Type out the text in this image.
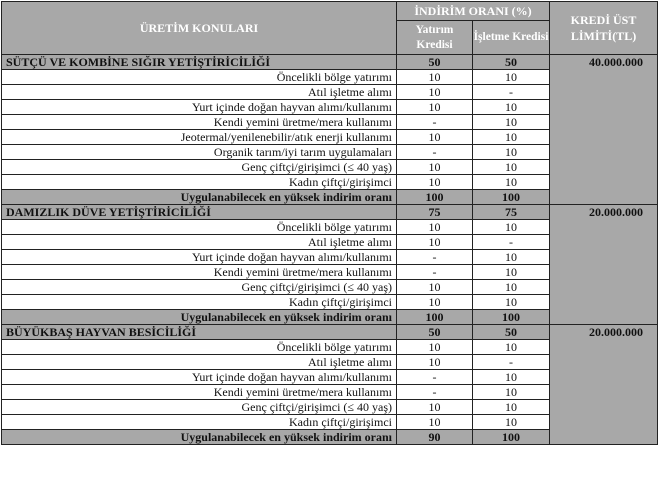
ÜRETİM KONULARI	İNDİRİM ORANI (%)		KREDİ ÜST LİMİTİ(TL)
	Yatırım Kredisi	İşletme Kredisi	
SÜTÇÜ VE KOMBİNE SIĞIR YETİŞTİRİCİLİĞİ	50	50	40.000.000
Öncelikli bölge yatırımı	10	10	
Atıl işletme alımı	10	-	
Yurt içinde doğan hayvan alımı/kullanımı	10	10	
Kendi yemini üretme/mera kullanımı	-	10	
Jeotermal/yenilenebilir/atık enerji kullanımı	10	10	
Organik tarım/iyi tarım uygulamaları	-	10	
Genç çiftçi/girişimci (≤ 40 yaş)	10	10	
Kadın çiftçi/girişimci	10	10	
Uygulanabilecek en yüksek indirim oranı	100	100	
DAMIZLIK DÜVE YETİŞTİRİCİLİĞİ	75	75	20.000.000
Öncelikli bölge yatırımı	10	10	
Atıl işletme alımı	10	-	
Yurt içinde doğan hayvan alımı/kullanımı	-	10	
Kendi yemini üretme/mera kullanımı	-	10	
Genç çiftçi/girişimci (≤ 40 yaş)	10	10	
Kadın çiftçi/girişimci	10	10	
Uygulanabilecek en yüksek indirim oranı	100	100	
BÜYÜKBAŞ HAYVAN BESİCİLİĞİ	50	50	20.000.000
Öncelikli bölge yatırımı	10	10	
Atıl işletme alımı	10	-	
Yurt içinde doğan hayvan alımı/kullanımı	-	10	
Kendi yemini üretme/mera kullanımı	-	10	
Genç çiftçi/girişimci (≤ 40 yaş)	10	10	
Kadın çiftçi/girişimci	10	10	
Uygulanabilecek en yüksek indirim oranı	90	100	
